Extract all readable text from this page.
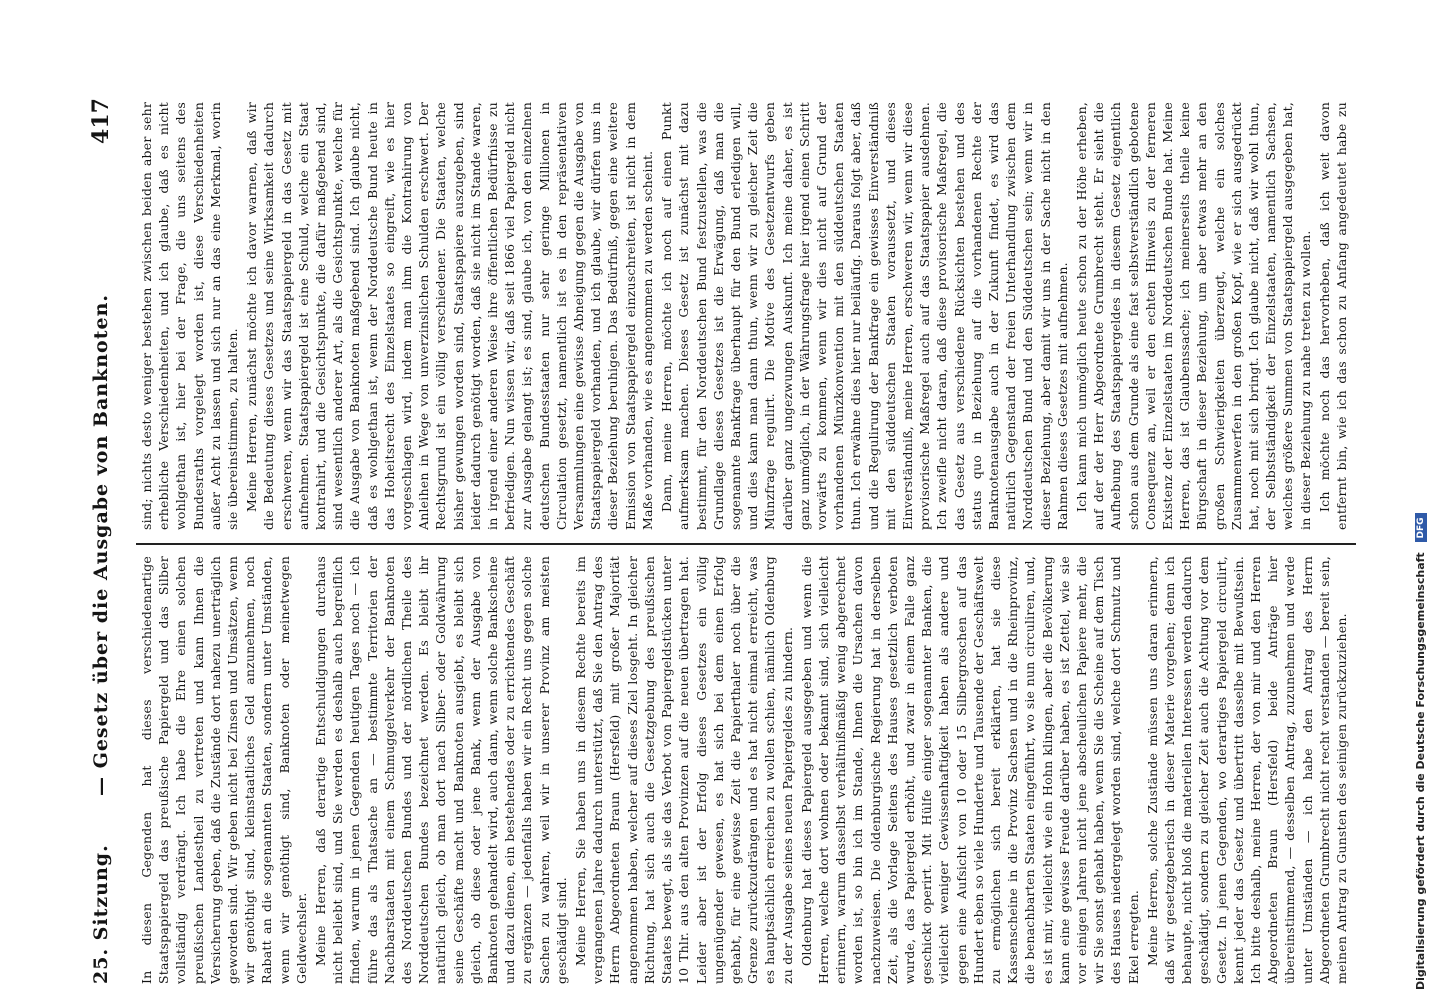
25. Sitzung.
— Gesetz über die Ausgabe von Banknoten.
417

In diesen Gegenden hat dieses verschiedenartige Staatspapiergeld das preußische Papiergeld und das Silber vollständig verdrängt. Ich habe die Ehre einen solchen preußischen Landestheil zu vertreten und kann Ihnen die Versicherung geben, daß die Zustände dort nahezu unerträglich geworden sind. Wir geben nicht bei Zinsen und Umsätzen, wenn wir genöthigt sind, kleinstaatliches Geld anzunehmen, noch Rabatt an die sogenannten Staaten, sondern unter Umständen, wenn wir genöthigt sind, Banknoten oder meinetwegen Geldwechsler. Meine Herren, daß derartige Entschuldigungen durchaus nicht beliebt sind, und Sie werden es deshalb auch begreiflich finden, warum in jenen Gegenden heutigen Tages noch — ich führe das als Thatsache an — bestimmte Territorien der Nachbarstaaten mit einem Schmuggelverkehr der Banknoten des Norddeutschen Bundes und der nördlichen Theile des Norddeutschen Bundes bezeichnet werden. Es bleibt ihr natürlich gleich, ob man dort nach Silber- oder Goldwährung seine Geschäfte macht und Banknoten ausgiebt, es bleibt sich gleich, ob diese oder jene Bank, wenn der Ausgabe von Banknoten gehandelt wird, auch dann, wenn solche Bankscheine und dazu dienen, ein bestehendes oder zu errichtendes Geschäft zu ergänzen — jedenfalls haben wir ein Recht uns gegen solche Sachen zu wahren, weil wir in unserer Provinz am meisten geschädigt sind. Meine Herren, Sie haben uns in diesem Rechte bereits im vergangenen Jahre dadurch unterstützt, daß Sie den Antrag des Herrn Abgeordneten Braun (Hersfeld) mit großer Majorität angenommen haben, welcher auf dieses Ziel losgeht. In gleicher Richtung, hat sich auch die Gesetzgebung des preußischen Staates bewegt, als sie das Verbot von Papiergeldstücken unter 10 Thlr. aus den alten Provinzen auf die neuen übertragen hat. Leider aber ist der Erfolg dieses Gesetzes ein völlig ungenügender gewesen, es hat sich bei dem einen Erfolg gehabt, für eine gewisse Zeit die Papierthaler noch über die Grenze zurückzudrängen und es hat nicht einmal erreicht, was es hauptsächlich erreichen zu wollen schien, nämlich Oldenburg zu der Ausgabe seines neuen Papiergeldes zu hindern. Oldenburg hat dieses Papiergeld ausgegeben und wenn die Herren, welche dort wohnen oder bekannt sind, sich vielleicht erinnern, warum dasselbst verhältnißmäßig wenig abgerechnet worden ist, so bin ich im Stande, Ihnen die Ursachen davon nachzuweisen. Die oldenburgische Regierung hat in derselben Zeit, als die Vorlage Seitens des Hauses gesetzlich verboten wurde, das Papiergeld erhöht, und zwar in einem Falle ganz geschickt operirt. Mit Hülfe einiger sogenannter Banken, die vielleicht weniger Gewissenhaftigkeit haben als andere und gegen eine Aufsicht von 10 oder 15 Silbergroschen auf das Hundert eben so viele Hunderte und Tausende der Geschäftswelt zu ermöglichen sich bereit erklärten, hat sie diese Kassenscheine in die Provinz Sachsen und in die Rheinprovinz, die benachbarten Staaten eingeführt, wo sie nun circuliren, und, es ist mir, vielleicht wie ein Hohn klingen, aber die Bevölkerung kann eine gewisse Freude darüber haben, es ist Zettel, wie sie vor einigen Jahren nicht jene abscheulichen Papiere mehr, die wir Sie sonst gehabt haben, wenn Sie die Scheine auf dem Tisch des Hauses niedergelegt worden sind, welche dort Schmutz und Ekel erregten. Meine Herren, solche Zustände müssen uns daran erinnern, daß wir gesetzgeberisch in dieser Materie vorgehen; denn ich behaupte, nicht bloß die materiellen Interessen werden dadurch geschädigt, sondern zu gleicher Zeit auch die Achtung vor dem Gesetz. In jenen Gegenden, wo derartiges Papiergeld circulirt, kennt jeder das Gesetz und übertritt dasselbe mit Bewußtsein. Ich bitte deshalb, meine Herren, der von mir und den Herren Abgeordneten Braun (Hersfeld) beide Anträge hier übereinstimmend, — desselben Antrag, zuzunehmen und werde unter Umständen — ich habe den Antrag des Herrn Abgeordneten Grumbrecht nicht recht verstanden — bereit sein, meinen Antrag zu Gunsten des seinigen zurückzuziehen.

sind; nichts desto weniger bestehen zwischen beiden aber sehr erhebliche Verschiedenheiten, und ich glaube, daß es nicht wohlgethan ist, hier bei der Frage, die uns seitens des Bundesraths vorgelegt worden ist, diese Verschiedenheiten außer Acht zu lassen und sich nur an das eine Merkmal, worin sie übereinstimmen, zu halten. Meine Herren, zunächst möchte ich davor warnen, daß wir die Bedeutung dieses Gesetzes und seine Wirksamkeit dadurch erschweren, wenn wir das Staatspapiergeld in das Gesetz mit aufnehmen. Staatspapiergeld ist eine Schuld, welche ein Staat kontrahirt, und die Gesichtspunkte, die dafür maßgebend sind, sind wesentlich anderer Art, als die Gesichtspunkte, welche für die Ausgabe von Banknoten maßgebend sind. Ich glaube nicht, daß es wohlgethan ist, wenn der Norddeutsche Bund heute in das Hoheitsrecht des Einzelstaates so eingreift, wie es hier vorgeschlagen wird, indem man ihm die Kontrahirung von Anleihen in Wege von unverzinslichen Schulden erschwert. Der Rechtsgrund ist ein völlig verschiedener. Die Staaten, welche bisher gewungen worden sind, Staatspapiere auszugeben, sind leider dadurch genötigt worden, daß sie nicht im Stande waren, in irgend einer anderen Weise ihre öffentlichen Bedürfnisse zu befriedigen. Nun wissen wir, daß seit 1866 viel Papiergeld nicht zur Ausgabe gelangt ist; es sind, glaube ich, von den einzelnen deutschen Bundesstaaten nur sehr geringe Millionen in Circulation gesetzt, namentlich ist es in den repräsentativen Versammlungen eine gewisse Abneigung gegen die Ausgabe von Staatspapiergeld vorhanden, und ich glaube, wir dürfen uns in dieser Beziehung beruhigen. Das Bedürfniß, gegen eine weitere Emission von Staatspapiergeld einzuschreiten, ist nicht in dem Maße vorhanden, wie es angenommen zu werden scheint. Dann, meine Herren, möchte ich noch auf einen Punkt aufmerksam machen. Dieses Gesetz ist zunächst mit dazu bestimmt, für den Norddeutschen Bund festzustellen, was die Grundlage dieses Gesetzes ist die Erwägung, daß man die sogenannte Bankfrage überhaupt für den Bund erledigen will, und dies kann man dann thun, wenn wir zu gleicher Zeit die Münzfrage regulirt. Die Motive des Gesetzentwurfs geben darüber ganz ungezwungen Auskunft. Ich meine daher, es ist ganz unmöglich, in der Währungsfrage hier irgend einen Schritt vorwärts zu kommen, wenn wir dies nicht auf Grund der vorhandenen Münzkonvention mit den süddeutschen Staaten thun. Ich erwähne dies hier nur beiläufig. Daraus folgt aber, daß und die Regulirung der Bankfrage ein gewisses Einverständniß mit den süddeutschen Staaten voraussetzt, und dieses Einverständniß, meine Herren, erschweren wir, wenn wir diese provisorische Maßregel auch auf das Staatspapier ausdehnen. Ich zweifle nicht daran, daß diese provisorische Maßregel, die das Gesetz aus verschiedene Rücksichten bestehen und des status quo in Beziehung auf die vorhandenen Rechte der Banknotenausgabe auch in der Zukunft findet, es wird das natürlich Gegenstand der freien Unterhandlung zwischen dem Norddeutschen Bund und den Süddeutschen sein; wenn wir in dieser Beziehung, aber damit wir uns in der Sache nicht in den Rahmen dieses Gesetzes mit aufnehmen. Ich kann mich unmöglich heute schon zu der Höhe erheben, auf der der Herr Abgeordnete Grumbrecht steht. Er sieht die Aufhebung des Staatspapiergeldes in diesem Gesetz eigentlich schon aus dem Grunde als eine fast selbstverständlich gebotene Consequenz an, weil er den echten Hinweis zu der ferneren Existenz der Einzelstaaten im Norddeutschen Bunde hat. Meine Herren, das ist Glaubenssache; ich meinerseits theile keine Bürgschaft in dieser Beziehung, um aber etwas mehr an den großen Schwierigkeiten überzeugt, welche ein solches Zusammenwerfen in den großen Kopf, wie er sich ausgedrückt hat, noch mit sich bringt. Ich glaube nicht, daß wir wohl thun, der Selbstständigkeit der Einzelstaaten, namentlich Sachsen, welches größere Summen von Staatspapiergeld ausgegeben hat, in dieser Beziehung zu nahe treten zu wollen. Ich möchte noch das hervorheben, daß ich weit davon entfernt bin, wie ich das schon zu Anfang angedeutet habe zu

Digitalisierung gefördert durch die Deutsche Forschungsgemeinschaft DFG
